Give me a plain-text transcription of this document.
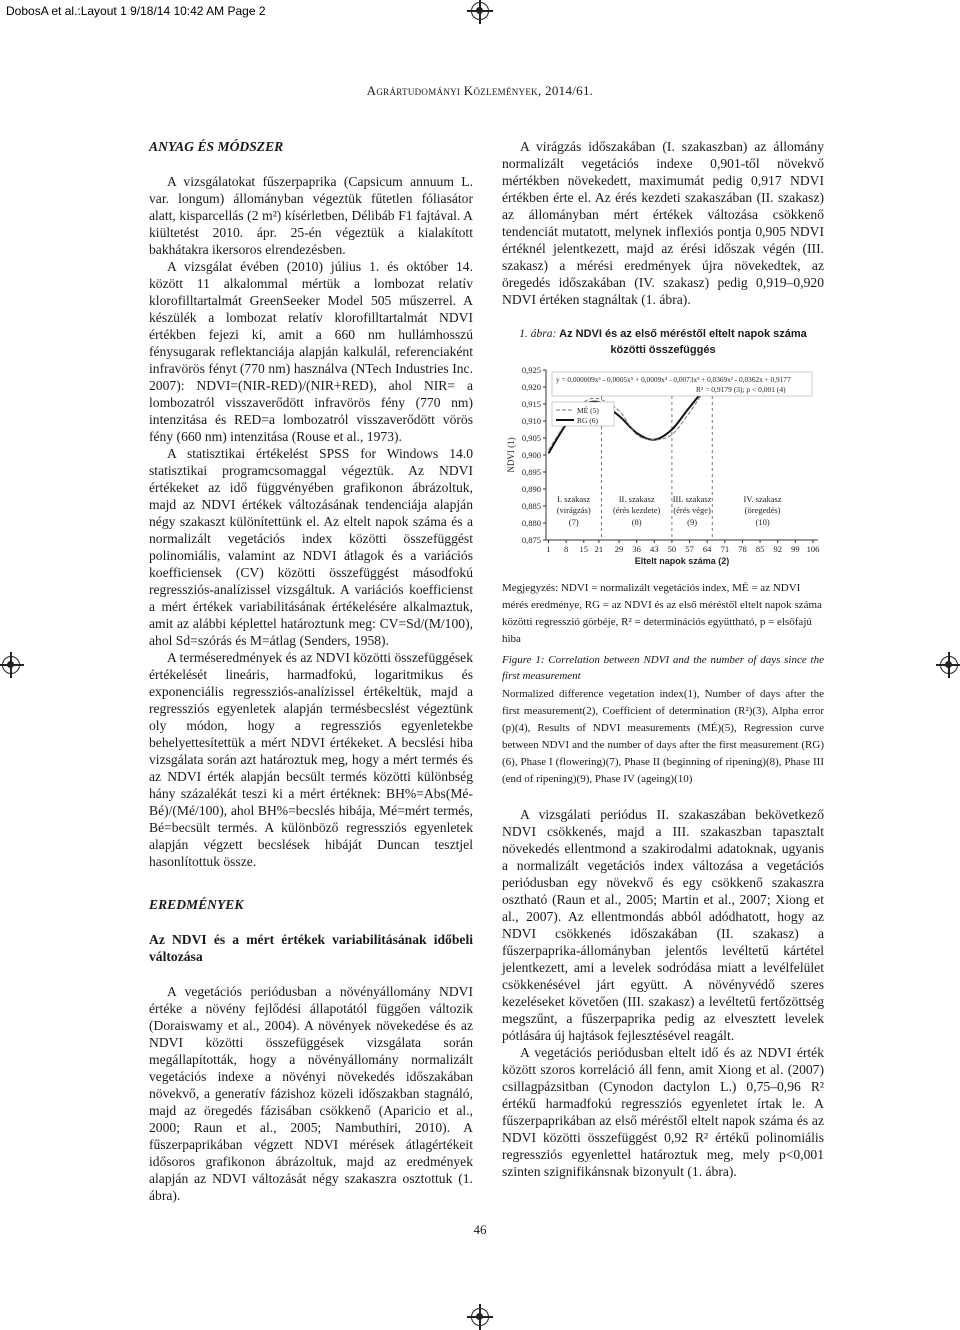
DobosA et al.:Layout 1 9/18/14 10:42 AM Page 2
Agrártudományi Közlemények, 2014/61.
ANYAG ÉS MÓDSZER

A vizsgálatokat fűszerpaprika (Capsicum annuum L. var. longum) állományban végeztük fűtetlen fóliasátor alatt, kisparcellás (2 m²) kísérletben, Délibáb F1 fajtával. A kiültetést 2010. ápr. 25-én végeztük a kialakított bakhátakra ikersoros elrendezésben.

A vizsgálat évében (2010) július 1. és október 14. között 11 alkalommal mértük a lombozat relatív klorofilltartalmát GreenSeeker Model 505 műszerrel. A készülék a lombozat relatív klorofilltartalmát NDVI értékben fejezi ki, amit a 660 nm hullámhosszú fénysugarak reflektanciája alapján kalkulál, referenciaként infravörös fényt (770 nm) használva (NTech Industries Inc. 2007): NDVI=(NIR-RED)/(NIR+RED), ahol NIR= a lombozatról visszaverődött infravörös fény (770 nm) intenzitása és RED=a lombozatról visszaverődött vörös fény (660 nm) intenzitása (Rouse et al., 1973).

A statisztikai értékelést SPSS for Windows 14.0 statisztikai programcsomaggal végeztük. Az NDVI értékeket az idő függvényében grafikonon ábrázoltuk, majd az NDVI értékek változásának tendenciája alapján négy szakaszt különítettünk el. Az eltelt napok száma és a normalizált vegetációs index közötti összefüggést polinomiális, valamint az NDVI átlagok és a variációs koefficiensek (CV) közötti összefüggést másodfokú regressziós-analízissel vizsgáltuk. A variációs koefficienst a mért értékek variabilitásának értékelésére alkalmaztuk, amit az alábbi képlettel határoztunk meg: CV=Sd/(M/100), ahol Sd=szórás és M=átlag (Senders, 1958).

A terméseredmények és az NDVI közötti összefüggések értékelését lineáris, harmadfokú, logaritmikus és exponenciális regressziós-analízissel értékeltük, majd a regressziós egyenletek alapján termésbecslést végeztünk oly módon, hogy a regressziós egyenletekbe behelyettesítettük a mért NDVI értékeket. A becslési hiba vizsgálata során azt határoztuk meg, hogy a mért termés és az NDVI érték alapján becsült termés közötti különbség hány százalékát teszi ki a mért értéknek: BH%=Abs(Mé-Bé)/(Mé/100), ahol BH%=becslés hibája, Mé=mért termés, Bé=becsült termés. A különböző regressziós egyenletek alapján végzett becslések hibáját Duncan tesztjel hasonlítottuk össze.

EREDMÉNYEK
Az NDVI és a mért értékek variabilitásának időbeli változása

A vegetációs periódusban a növényállomány NDVI értéke a növény fejlődési állapotától függően változik (Doraiswamy et al., 2004). A növények növekedése és az NDVI közötti összefüggések vizsgálata során megállapították, hogy a növényállomány normalizált vegetációs indexe a növényi növekedés időszakában növekvő, a generatív fázishoz közeli időszakban stagnáló, majd az öregedés fázisában csökkenő (Aparicio et al., 2000; Raun et al., 2005; Nambuthiri, 2010). A fűszerpaprikában végzett NDVI mérések átlagértékeit idősoros grafikonon ábrázoltuk, majd az eredmények alapján az NDVI változását négy szakaszra osztottuk (1. ábra).

A virágzás időszakában (I. szakaszban) az állomány normalizált vegetációs indexe 0,901-től növekvő mértékben növekedett, maximumát pedig 0,917 NDVI értékben érte el. Az érés kezdeti szakaszában (II. szakasz) az állományban mért értékek változása csökkenő tendenciát mutatott, melynek inflexiós pontja 0,905 NDVI értéknél jelentkezett, majd az érési időszak végén (III. szakasz) a mérési eredmények újra növekedtek, az öregedés időszakában (IV. szakasz) pedig 0,919–0,920 NDVI értéken stagnáltak (1. ábra).

1. ábra: Az NDVI és az első méréstől eltelt napok száma közötti összefüggés
0,925
0,920
0,915
0,910
0,905
0,900
0,895
0,890
0,885
0,880
0,875
1 8 15 21 29 36 43 50 57 64 71 78 85 92 99 106
NDVI (1)
Eltelt napok száma (2)
I. szakasz
(virágzás)
(7)
II. szakasz
(érés kezdete)
(8)
III. szakasz
(érés vége)
(9)
IV. szakasz
(öregedés)
(10)
y = 0,000009x⁶ - 0,0005x⁵ + 0,0009x⁴ - 0,0073x³ + 0,0369x² - 0,0362x + 0,9177
R² = 0,9179 (3); p < 0,001 (4)
MÉ (5)
RG (6)
Megjegyzés: NDVI = normalizált vegetációs index, MÉ = az NDVI mérés eredménye, RG = az NDVI és az első méréstől eltelt napok száma közötti regresszió görbéje, R² = determinációs együttható, p = elsőfajú hiba
Figure 1: Correlation between NDVI and the number of days since the first measurement
Normalized difference vegetation index(1), Number of days after the first measurement(2), Coefficient of determination (R²)(3), Alpha error (p)(4), Results of NDVI measurements (MÉ)(5), Regression curve between NDVI and the number of days after the first measurement (RG)(6), Phase I (flowering)(7), Phase II (beginning of ripening)(8), Phase III (end of ripening)(9), Phase IV (ageing)(10)

A vizsgálati periódus II. szakaszában bekövetkező NDVI csökkenés, majd a III. szakaszban tapasztalt növekedés ellentmond a szakirodalmi adatoknak, ugyanis a normalizált vegetációs index változása a vegetációs periódusban egy növekvő és egy csökkenő szakaszra osztható (Raun et al., 2005; Martin et al., 2007; Xiong et al., 2007). Az ellentmondás abból adódhatott, hogy az NDVI csökkenés időszakában (II. szakasz) a fűszerpaprika-állományban jelentős levéltetű kártétel jelentkezett, ami a levelek sodródása miatt a levélfelület csökkenésével járt együtt. A növényvédő szeres kezeléseket követően (III. szakasz) a levéltetű fertőzöttség megszűnt, a fűszerpaprika pedig az elvesztett levelek pótlására új hajtások fejlesztésével reagált.

A vegetációs periódusban eltelt idő és az NDVI érték között szoros korreláció áll fenn, amit Xiong et al. (2007) csillagpázsitban (Cynodon dactylon L.) 0,75–0,96 R² értékű harmadfokú regressziós egyenletet írtak le. A fűszerpaprikában az első méréstől eltelt napok száma és az NDVI közötti összefüggést 0,92 R² értékű polinomiális regressziós egyenlettel határoztuk meg, mely p<0,001 szinten szignifikánsnak bizonyult (1. ábra).

46
